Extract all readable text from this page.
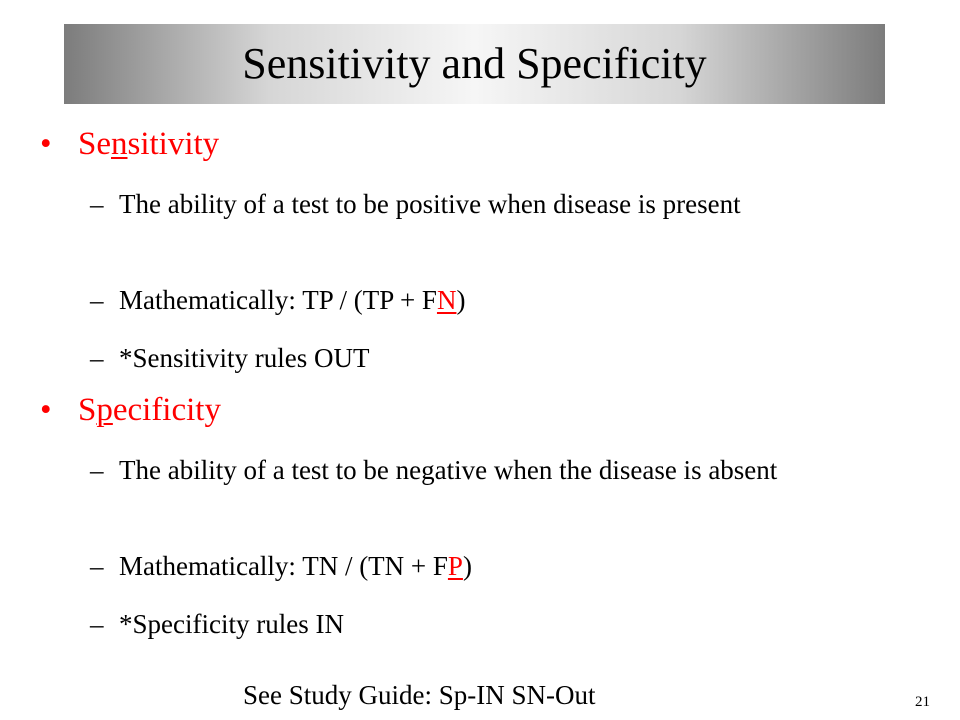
Sensitivity and Specificity
• Sensitivity
– The ability of a test to be positive when disease is present
– Mathematically: TP / (TP + FN)
– *Sensitivity rules OUT
• Specificity
– The ability of a test to be negative when the disease is absent
– Mathematically: TN / (TN + FP)
– *Specificity rules IN
See Study Guide: Sp-IN SN-Out	21
